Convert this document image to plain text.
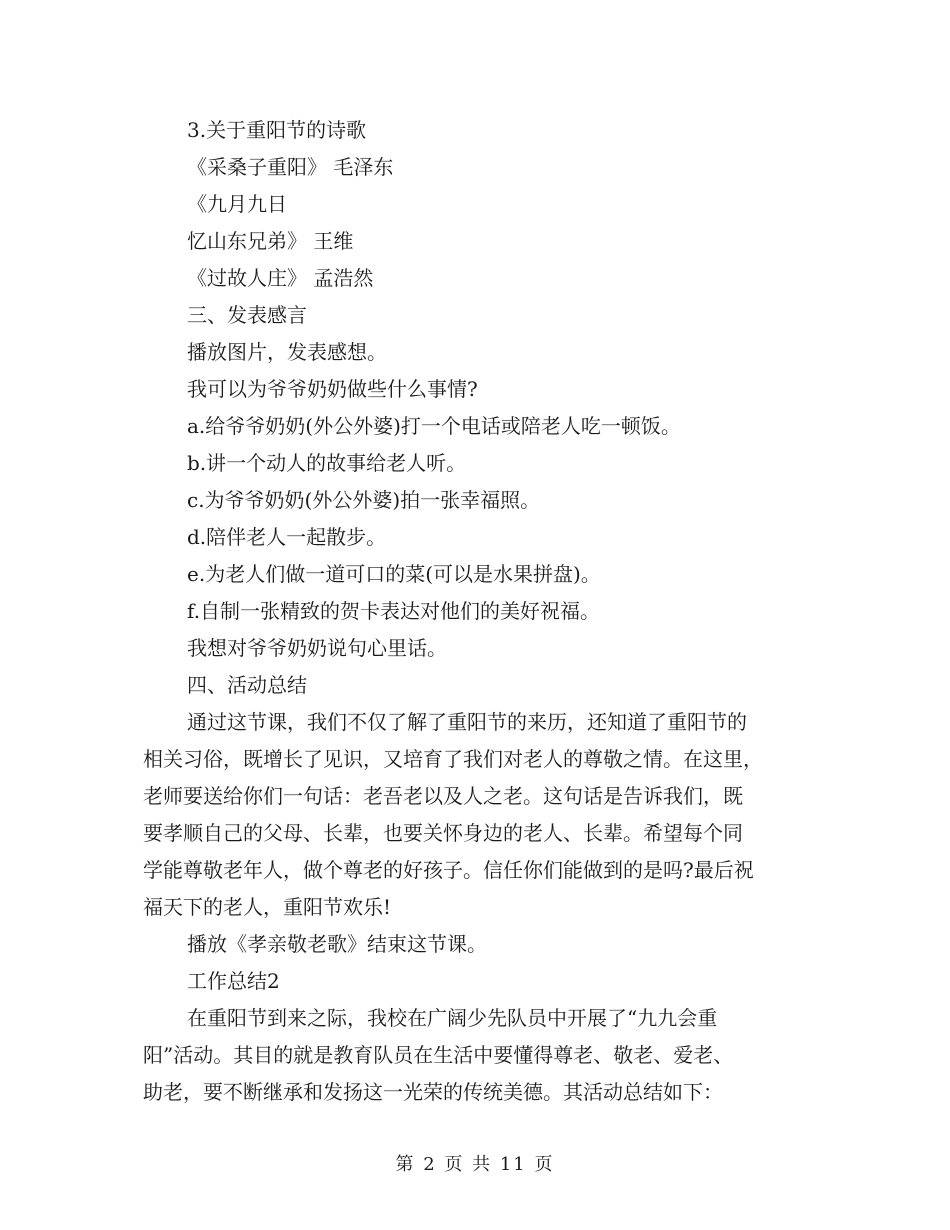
3.关于重阳节的诗歌
《采桑子重阳》 毛泽东
《九月九日
忆山东兄弟》 王维
《过故人庄》 孟浩然
三、发表感言
播放图片，发表感想。
我可以为爷爷奶奶做些什么事情?
a.给爷爷奶奶(外公外婆)打一个电话或陪老人吃一顿饭。
b.讲一个动人的故事给老人听。
c.为爷爷奶奶(外公外婆)拍一张幸福照。
d.陪伴老人一起散步。
e.为老人们做一道可口的菜(可以是水果拼盘)。
f.自制一张精致的贺卡表达对他们的美好祝福。
我想对爷爷奶奶说句心里话。
四、活动总结
通过这节课，我们不仅了解了重阳节的来历，还知道了重阳节的
相关习俗，既增长了见识，又培育了我们对老人的尊敬之情。在这里，
老师要送给你们一句话：老吾老以及人之老。这句话是告诉我们，既
要孝顺自己的父母、长辈，也要关怀身边的老人、长辈。希望每个同
学能尊敬老年人，做个尊老的好孩子。信任你们能做到的是吗?最后祝
福天下的老人，重阳节欢乐!
播放《孝亲敬老歌》结束这节课。
工作总结2
在重阳节到来之际，我校在广阔少先队员中开展了“九九会重
阳”活动。其目的就是教育队员在生活中要懂得尊老、敬老、爱老、
助老，要不断继承和发扬这一光荣的传统美德。其活动总结如下：
第 2 页 共 11 页
